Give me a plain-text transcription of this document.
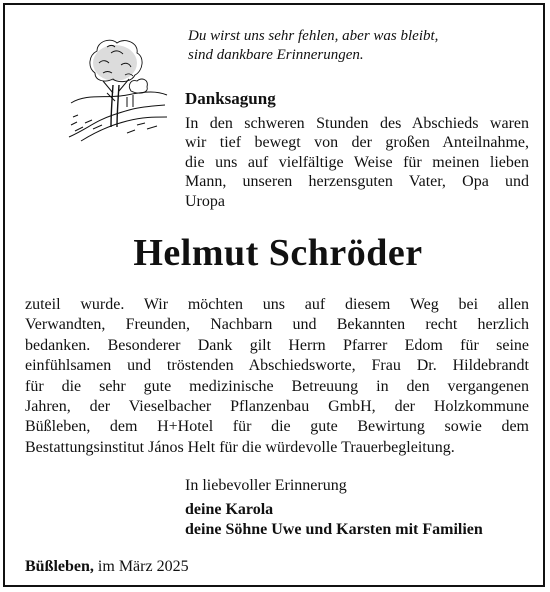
Du wirst uns sehr fehlen, aber was bleibt,
sind dankbare Erinnerungen.
Danksagung
In den schweren Stunden des Abschieds waren
wir tief bewegt von der großen Anteilnahme,
die uns auf vielfältige Weise für meinen lieben
Mann, unseren herzensguten Vater, Opa und
Uropa
Helmut Schröder
zuteil wurde. Wir möchten uns auf diesem Weg bei allen
Verwandten, Freunden, Nachbarn und Bekannten recht herzlich
bedanken. Besonderer Dank gilt Herrn Pfarrer Edom für seine
einfühlsamen und tröstenden Abschiedsworte, Frau Dr. Hildebrandt
für die sehr gute medizinische Betreuung in den vergangenen
Jahren, der Vieselbacher Pflanzenbau GmbH, der Holzkommune
Büßleben, dem H+Hotel für die gute Bewirtung sowie dem
Bestattungsinstitut János Helt für die würdevolle Trauerbegleitung.
In liebevoller Erinnerung
deine Karola
deine Söhne Uwe und Karsten mit Familien
Büßleben, im März 2025
